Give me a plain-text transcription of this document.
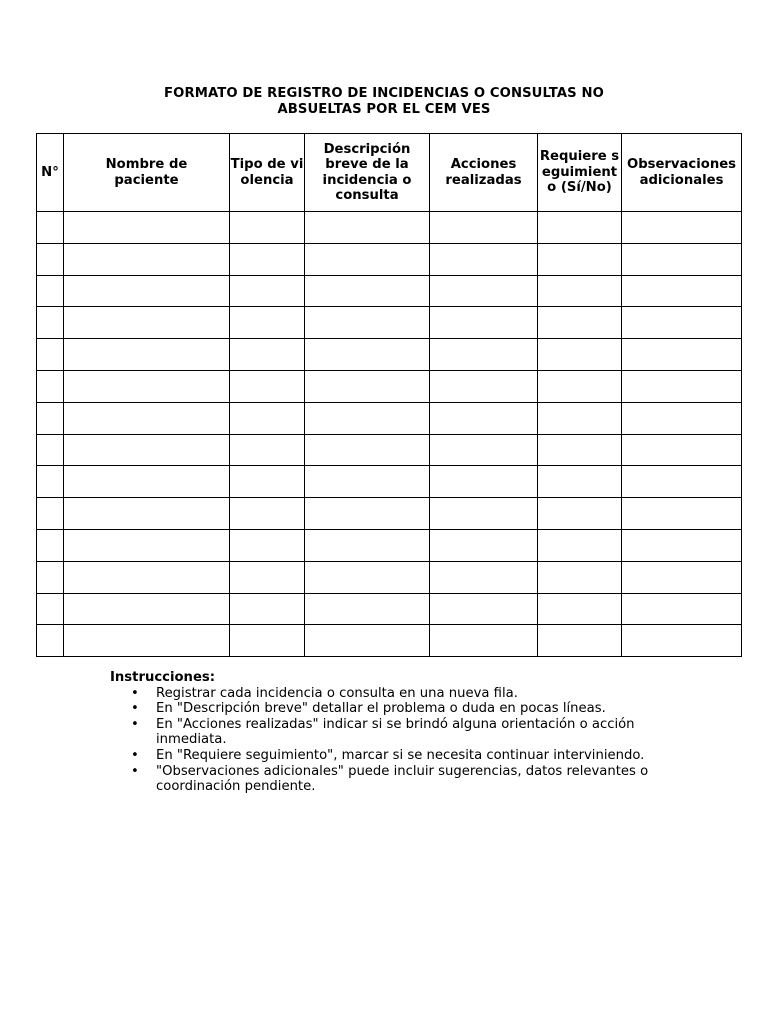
FORMATO DE REGISTRO DE INCIDENCIAS O CONSULTAS NO
ABSUELTAS POR EL CEM VES
N°	Nombre de paciente	Tipo de violencia	Descripción breve de la incidencia o consulta	Acciones realizadas	Requiere seguimiento (Sí/No)	Observaciones adicionales

Instrucciones:

• Registrar cada incidencia o consulta en una nueva fila.
• En "Descripción breve" detallar el problema o duda en pocas líneas.
• En "Acciones realizadas" indicar si se brindó alguna orientación o acción inmediata.
• En "Requiere seguimiento", marcar si se necesita continuar interviniendo.
• "Observaciones adicionales" puede incluir sugerencias, datos relevantes o coordinación pendiente.
